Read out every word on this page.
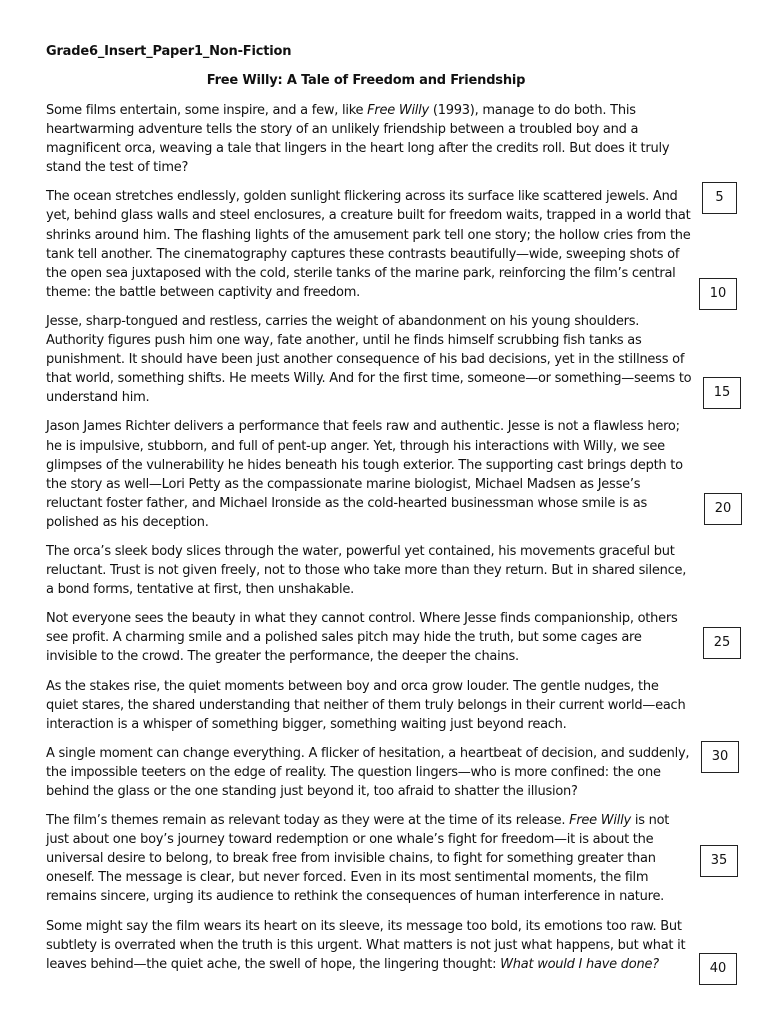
Grade6_Insert_Paper1_Non-Fiction
Free Willy: A Tale of Freedom and Friendship

Some films entertain, some inspire, and a few, like Free Willy (1993), manage to do both. This heartwarming adventure tells the story of an unlikely friendship between a troubled boy and a magnificent orca, weaving a tale that lingers in the heart long after the credits roll. But does it truly stand the test of time?

The ocean stretches endlessly, golden sunlight flickering across its surface like scattered jewels. And yet, behind glass walls and steel enclosures, a creature built for freedom waits, trapped in a world that shrinks around him. The flashing lights of the amusement park tell one story; the hollow cries from the tank tell another. The cinematography captures these contrasts beautifully—wide, sweeping shots of the open sea juxtaposed with the cold, sterile tanks of the marine park, reinforcing the film’s central theme: the battle between captivity and freedom.

Jesse, sharp-tongued and restless, carries the weight of abandonment on his young shoulders. Authority figures push him one way, fate another, until he finds himself scrubbing fish tanks as punishment. It should have been just another consequence of his bad decisions, yet in the stillness of that world, something shifts. He meets Willy. And for the first time, someone—or something—seems to understand him.

Jason James Richter delivers a performance that feels raw and authentic. Jesse is not a flawless hero; he is impulsive, stubborn, and full of pent-up anger. Yet, through his interactions with Willy, we see glimpses of the vulnerability he hides beneath his tough exterior. The supporting cast brings depth to the story as well—Lori Petty as the compassionate marine biologist, Michael Madsen as Jesse’s reluctant foster father, and Michael Ironside as the cold-hearted businessman whose smile is as polished as his deception.

The orca’s sleek body slices through the water, powerful yet contained, his movements graceful but reluctant. Trust is not given freely, not to those who take more than they return. But in shared silence, a bond forms, tentative at first, then unshakable.

Not everyone sees the beauty in what they cannot control. Where Jesse finds companionship, others see profit. A charming smile and a polished sales pitch may hide the truth, but some cages are invisible to the crowd. The greater the performance, the deeper the chains.

As the stakes rise, the quiet moments between boy and orca grow louder. The gentle nudges, the quiet stares, the shared understanding that neither of them truly belongs in their current world—each interaction is a whisper of something bigger, something waiting just beyond reach.

A single moment can change everything. A flicker of hesitation, a heartbeat of decision, and suddenly, the impossible teeters on the edge of reality. The question lingers—who is more confined: the one behind the glass or the one standing just beyond it, too afraid to shatter the illusion?

The film’s themes remain as relevant today as they were at the time of its release. Free Willy is not just about one boy’s journey toward redemption or one whale’s fight for freedom—it is about the universal desire to belong, to break free from invisible chains, to fight for something greater than oneself. The message is clear, but never forced. Even in its most sentimental moments, the film remains sincere, urging its audience to rethink the consequences of human interference in nature.

Some might say the film wears its heart on its sleeve, its message too bold, its emotions too raw. But subtlety is overrated when the truth is this urgent. What matters is not just what happens, but what it leaves behind—the quiet ache, the swell of hope, the lingering thought: What would I have done?

5
10
15
20
25
30
35
40
